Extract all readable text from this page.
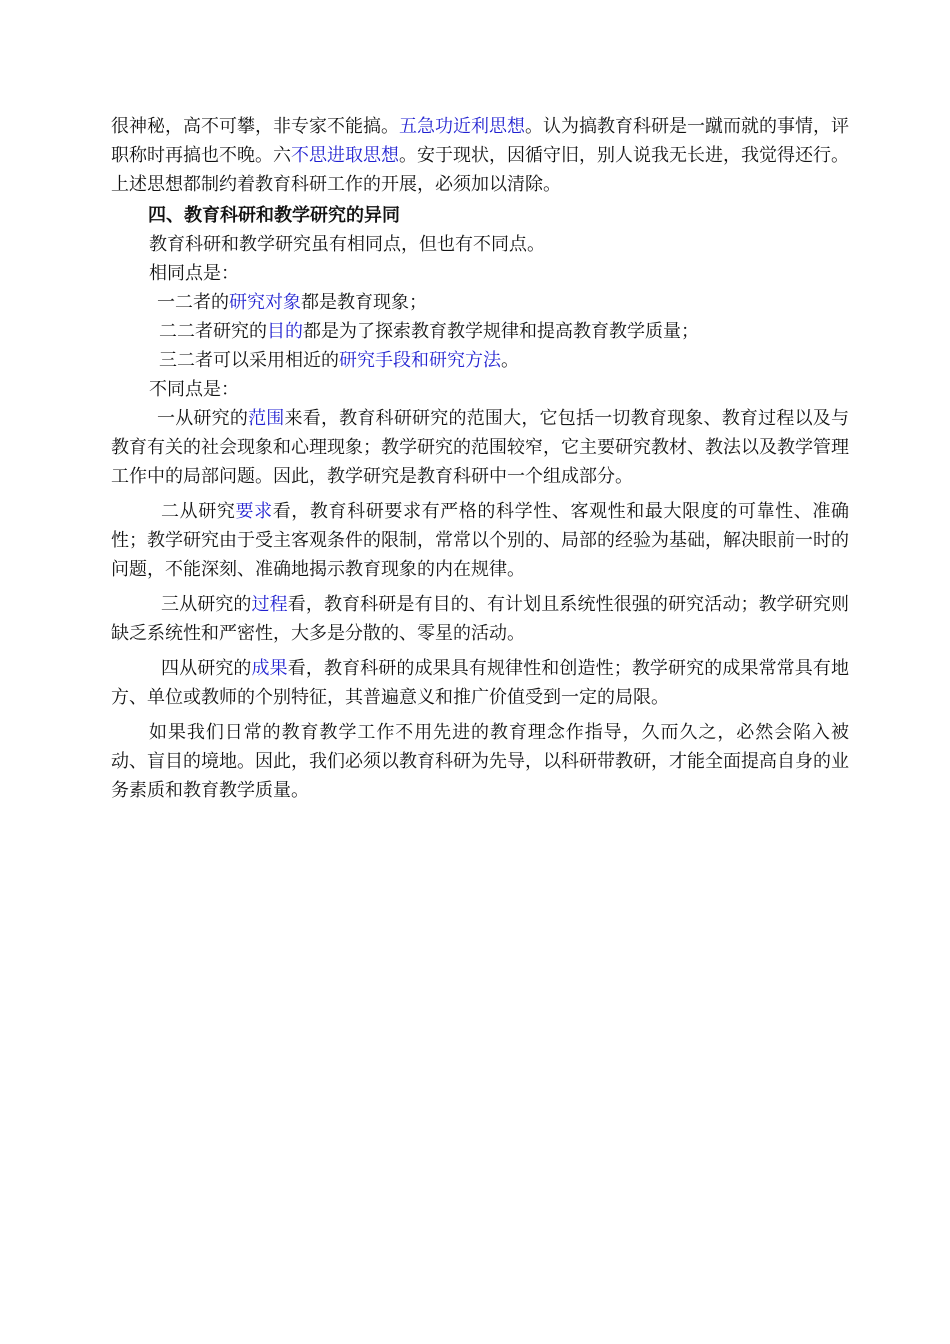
很神秘，高不可攀，非专家不能搞。五急功近利思想。认为搞教育科研是一蹴而就的事情，评职称时再搞也不晚。六不思进取思想。安于现状，因循守旧，别人说我无长进，我觉得还行。上述思想都制约着教育科研工作的开展，必须加以清除。

四、教育科研和教学研究的异同

教育科研和教学研究虽有相同点，但也有不同点。

相同点是：

一二者的研究对象都是教育现象；

二二者研究的目的都是为了探索教育教学规律和提高教育教学质量；

三二者可以采用相近的研究手段和研究方法。

不同点是：

一从研究的范围来看，教育科研研究的范围大，它包括一切教育现象、教育过程以及与教育有关的社会现象和心理现象；教学研究的范围较窄，它主要研究教材、教法以及教学管理工作中的局部问题。因此，教学研究是教育科研中一个组成部分。

二从研究要求看，教育科研要求有严格的科学性、客观性和最大限度的可靠性、准确性；教学研究由于受主客观条件的限制，常常以个别的、局部的经验为基础，解决眼前一时的问题，不能深刻、准确地揭示教育现象的内在规律。

三从研究的过程看，教育科研是有目的、有计划且系统性很强的研究活动；教学研究则缺乏系统性和严密性，大多是分散的、零星的活动。

四从研究的成果看，教育科研的成果具有规律性和创造性；教学研究的成果常常具有地方、单位或教师的个别特征，其普遍意义和推广价值受到一定的局限。

如果我们日常的教育教学工作不用先进的教育理念作指导，久而久之，必然会陷入被动、盲目的境地。因此，我们必须以教育科研为先导，以科研带教研，才能全面提高自身的业务素质和教育教学质量。
